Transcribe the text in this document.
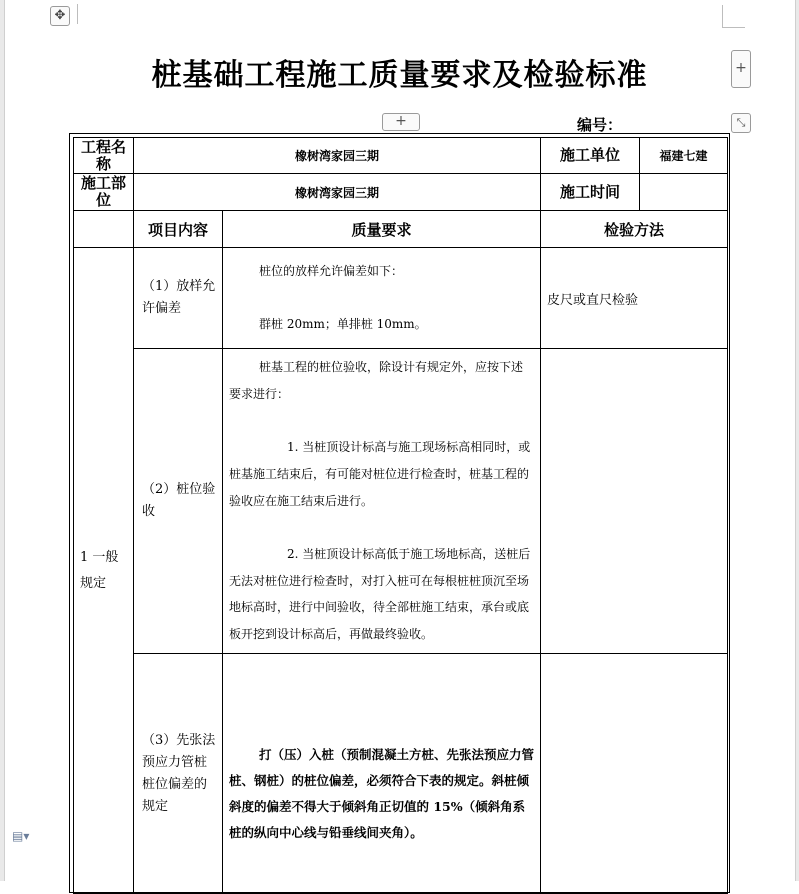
✥
桩基础工程施工质量要求及检验标准	+
+	⤡
编号：
工程名称	橡树湾家园三期		施工单位	福建七建
施工部位	橡树湾家园三期		施工时间	
	项目内容	质量要求	检验方法	
1 一般规定	（1）放样允许偏差	桩位的放样允许偏差如下：

群桩 20mm；单排桩 10mm。	皮尺或直尺检验	
	（2）桩位验收	桩基工程的桩位验收，除设计有规定外，应按下述要求进行：

1. 当桩顶设计标高与施工现场标高相同时，或桩基施工结束后，有可能对桩位进行检查时，桩基工程的验收应在施工结束后进行。

2. 当桩顶设计标高低于施工场地标高，送桩后无法对桩位进行检查时，对打入桩可在每根桩桩顶沉至场地标高时，进行中间验收，待全部桩施工结束，承台或底板开挖到设计标高后，再做最终验收。		

	（3）先张法预应力管桩桩位偏差的规定	打（压）入桩（预制混凝土方桩、先张法预应力管桩、钢桩）的桩位偏差，必须符合下表的规定。斜桩倾斜度的偏差不得大于倾斜角正切值的 15%（倾斜角系桩的纵向中心线与铅垂线间夹角）。		

▤▾
